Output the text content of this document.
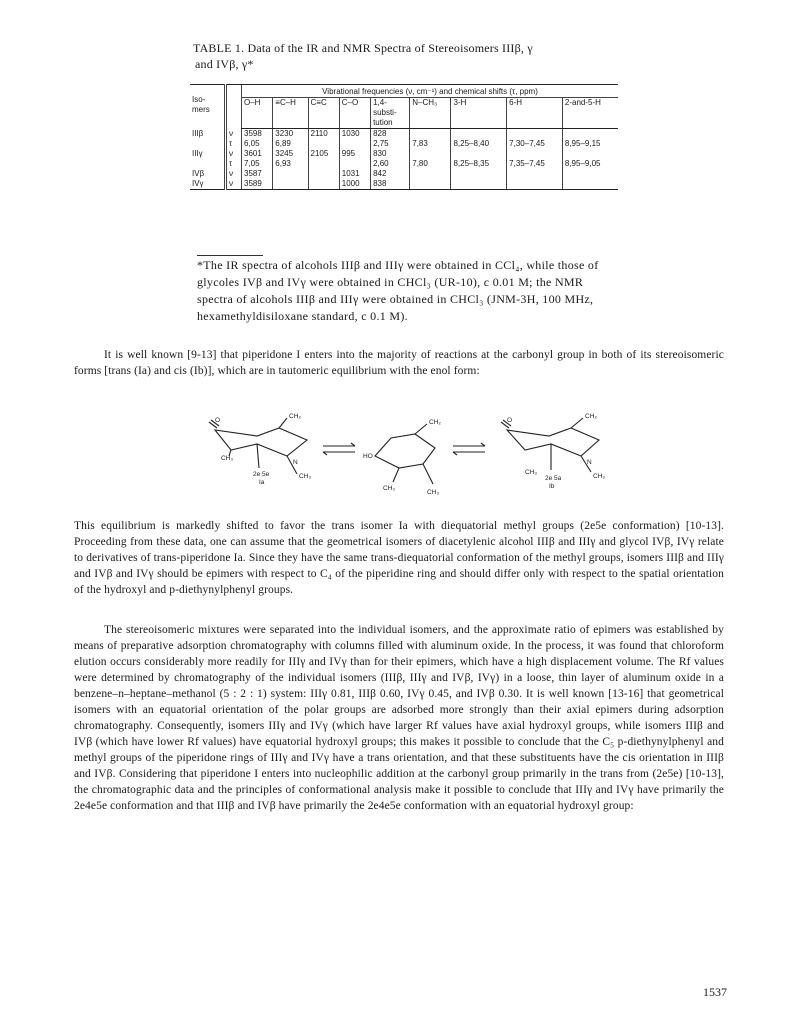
TABLE 1. Data of the IR and NMR Spectra of Stereoisomers IIIβ, γ
and IVβ, γ*
Iso-
mers		Vibrational frequencies (ν, cm⁻¹) and chemical shifts (τ, ppm)								
		O–H	≡C–H	C≡C	C–O	1,4-
substi-
tution	N–CH₃	3-H	6-H	2-and-5-H
IIIβ	ν	3598	3230	2110	1030	828				
	τ	6,05	6,89			2,75	7,83	8,25–8,40	7,30–7,45	8,95–9,15
IIIγ	ν	3601	3245	2105	995	830				
	τ	7,05	6,93			2,60	7,80	8,25–8,35	7,35–7,45	8,95–9,05
IVβ	ν	3587			1031	842				
IVγ	ν	3589			1000	838				
*The IR spectra of alcohols IIIβ and IIIγ were obtained in CCl₄, while those of glycoles IVβ and IVγ were obtained in CHCl₃ (UR-10), c 0.01 M; the NMR spectra of alcohols IIIβ and IIIγ were obtained in CHCl₃ (JNM-3H, 100 MHz, hexamethyldisiloxane standard, c 0.1 M).
It is well known [9-13] that piperidone I enters into the majority of reactions at the carbonyl group in both of its stereoisomeric forms [trans (Ia) and cis (Ib)], which are in tautomeric equilibrium with the enol form:
O
CH₂
CH₃
N
CH₃
2e 5e
Ia
HO
CH₂
CH₃
CH₃
O
CH₂
N
CH₃
CH₃
2e 5a
Ib
This equilibrium is markedly shifted to favor the trans isomer Ia with diequatorial methyl groups (2e5e conformation) [10-13]. Proceeding from these data, one can assume that the geometrical isomers of diacetylenic alcohol IIIβ and IIIγ and glycol IVβ, IVγ relate to derivatives of trans-piperidone Ia. Since they have the same trans-diequatorial conformation of the methyl groups, isomers IIIβ and IIIγ and IVβ and IVγ should be epimers with respect to C₄ of the piperidine ring and should differ only with respect to the spatial orientation of the hydroxyl and p-diethynylphenyl groups.
The stereoisomeric mixtures were separated into the individual isomers, and the approximate ratio of epimers was established by means of preparative adsorption chromatography with columns filled with aluminum oxide. In the process, it was found that chloroform elution occurs considerably more readily for IIIγ and IVγ than for their epimers, which have a high displacement volume. The Rf values were determined by chromatography of the individual isomers (IIIβ, IIIγ and IVβ, IVγ) in a loose, thin layer of aluminum oxide in a benzene–n–heptane–methanol (5 : 2 : 1) system: IIIγ 0.81, IIIβ 0.60, IVγ 0.45, and IVβ 0.30. It is well known [13-16] that geometrical isomers with an equatorial orientation of the polar groups are adsorbed more strongly than their axial epimers during adsorption chromatography. Consequently, isomers IIIγ and IVγ (which have larger Rf values have axial hydroxyl groups, while isomers IIIβ and IVβ (which have lower Rf values) have equatorial hydroxyl groups; this makes it possible to conclude that the C₅ p-diethynylphenyl and methyl groups of the piperidone rings of IIIγ and IVγ have a trans orientation, and that these substituents have the cis orientation in IIIβ and IVβ. Considering that piperidone I enters into nucleophilic addition at the carbonyl group primarily in the trans from (2e5e) [10-13], the chromatographic data and the principles of conformational analysis make it possible to conclude that IIIγ and IVγ have primarily the 2e4e5e conformation and that IIIβ and IVβ have primarily the 2e4e5e conformation with an equatorial hydroxyl group:
1537
